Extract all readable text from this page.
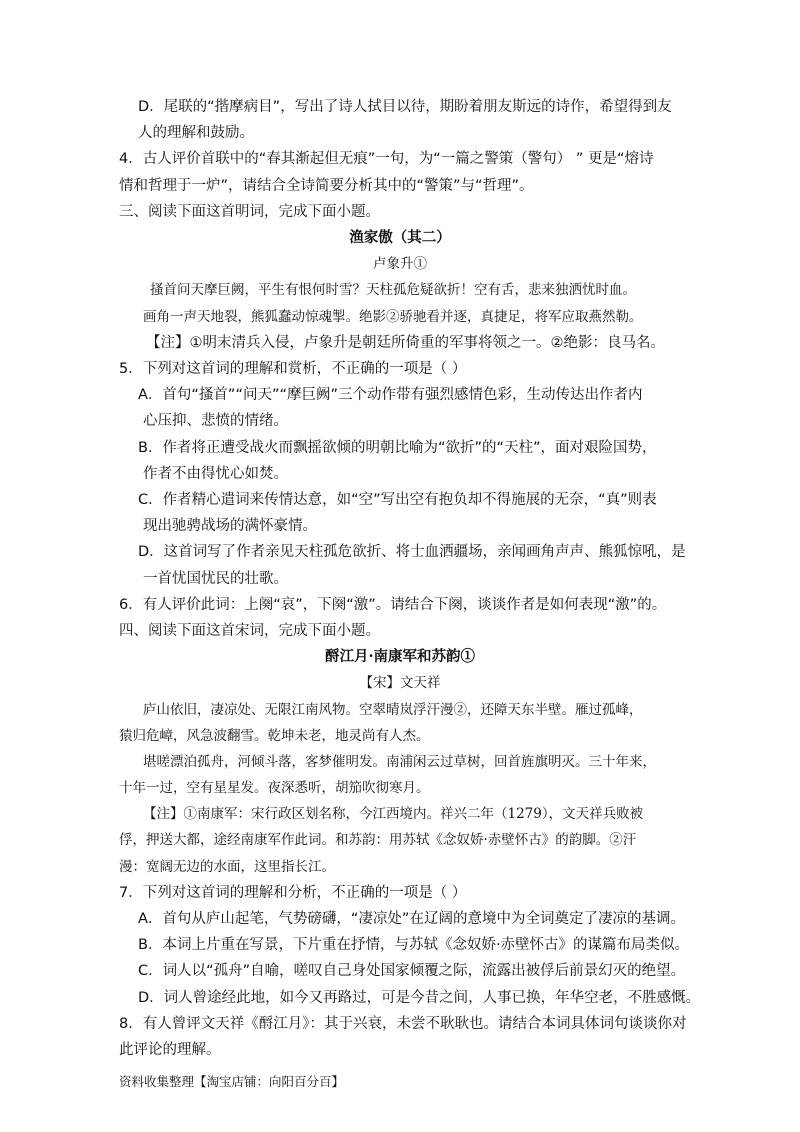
D．尾联的“揩摩病目”，写出了诗人拭目以待，期盼着朋友斯远的诗作，希望得到友
人的理解和鼓励。
4．古人评价首联中的“春其渐起但无痕”一句，为“一篇之警策（警句） ” 更是“熔诗
情和哲理于一炉”，请结合全诗简要分析其中的“警策”与“哲理”。
三、阅读下面这首明词，完成下面小题。
渔家傲（其二）
卢象升①
搔首问天摩巨阙，平生有恨何时雪？天柱孤危疑欲折！空有舌，悲来独洒忧时血。
画角一声天地裂，熊狐蠢动惊魂掣。绝影②骄驰看并逐，真捷足，将军应取燕然勒。
【注】①明末清兵入侵，卢象升是朝廷所倚重的军事将领之一。②绝影：良马名。
5．下列对这首词的理解和赏析，不正确的一项是（ ）
A．首句“搔首”“问天”“摩巨阙”三个动作带有强烈感情色彩，生动传达出作者内
心压抑、悲愤的情绪。
B．作者将正遭受战火而飘摇欲倾的明朝比喻为“欲折”的“天柱”，面对艰险国势，
作者不由得忧心如焚。
C．作者精心遣词来传情达意，如“空”写出空有抱负却不得施展的无奈，“真”则表
现出驰骋战场的满怀豪情。
D．这首词写了作者亲见天柱孤危欲折、将士血洒疆场，亲闻画角声声、熊狐惊吼，是
一首忧国忧民的壮歌。
6．有人评价此词：上阕“哀”，下阕“激”。请结合下阕，谈谈作者是如何表现“激”的。
四、阅读下面这首宋词，完成下面小题。
酹江月·南康军和苏韵①
【宋】文天祥
庐山依旧，凄凉处、无限江南风物。空翠晴岚浮汗漫②，还障天东半壁。雁过孤峰，
猿归危嶂，风急波翻雪。乾坤未老，地灵尚有人杰。
堪嗟漂泊孤舟，河倾斗落，客梦催明发。南浦闲云过草树，回首旌旗明灭。三十年来，
十年一过，空有星星发。夜深悉听，胡笳吹彻寒月。
【注】①南康军：宋行政区划名称，今江西境内。祥兴二年（1279），文天祥兵败被
俘，押送大都，途经南康军作此词。和苏韵：用苏轼《念奴娇·赤壁怀古》的韵脚。②汗
漫：宽阔无边的水面，这里指长江。
7．下列对这首词的理解和分析，不正确的一项是（ ）
A．首句从庐山起笔，气势磅礴，“凄凉处”在辽阔的意境中为全词奠定了凄凉的基调。
B．本词上片重在写景，下片重在抒情，与苏轼《念奴娇·赤壁怀古》的谋篇布局类似。
C．词人以“孤舟”自喻，嗟叹自己身处国家倾覆之际，流露出被俘后前景幻灭的绝望。
D．词人曾途经此地，如今又再路过，可是今昔之间，人事已换，年华空老，不胜感慨。
8．有人曾评文天祥《酹江月》：其于兴衰，未尝不耿耿也。请结合本词具体词句谈谈你对
此评论的理解。
资料收集整理【淘宝店铺：向阳百分百】
